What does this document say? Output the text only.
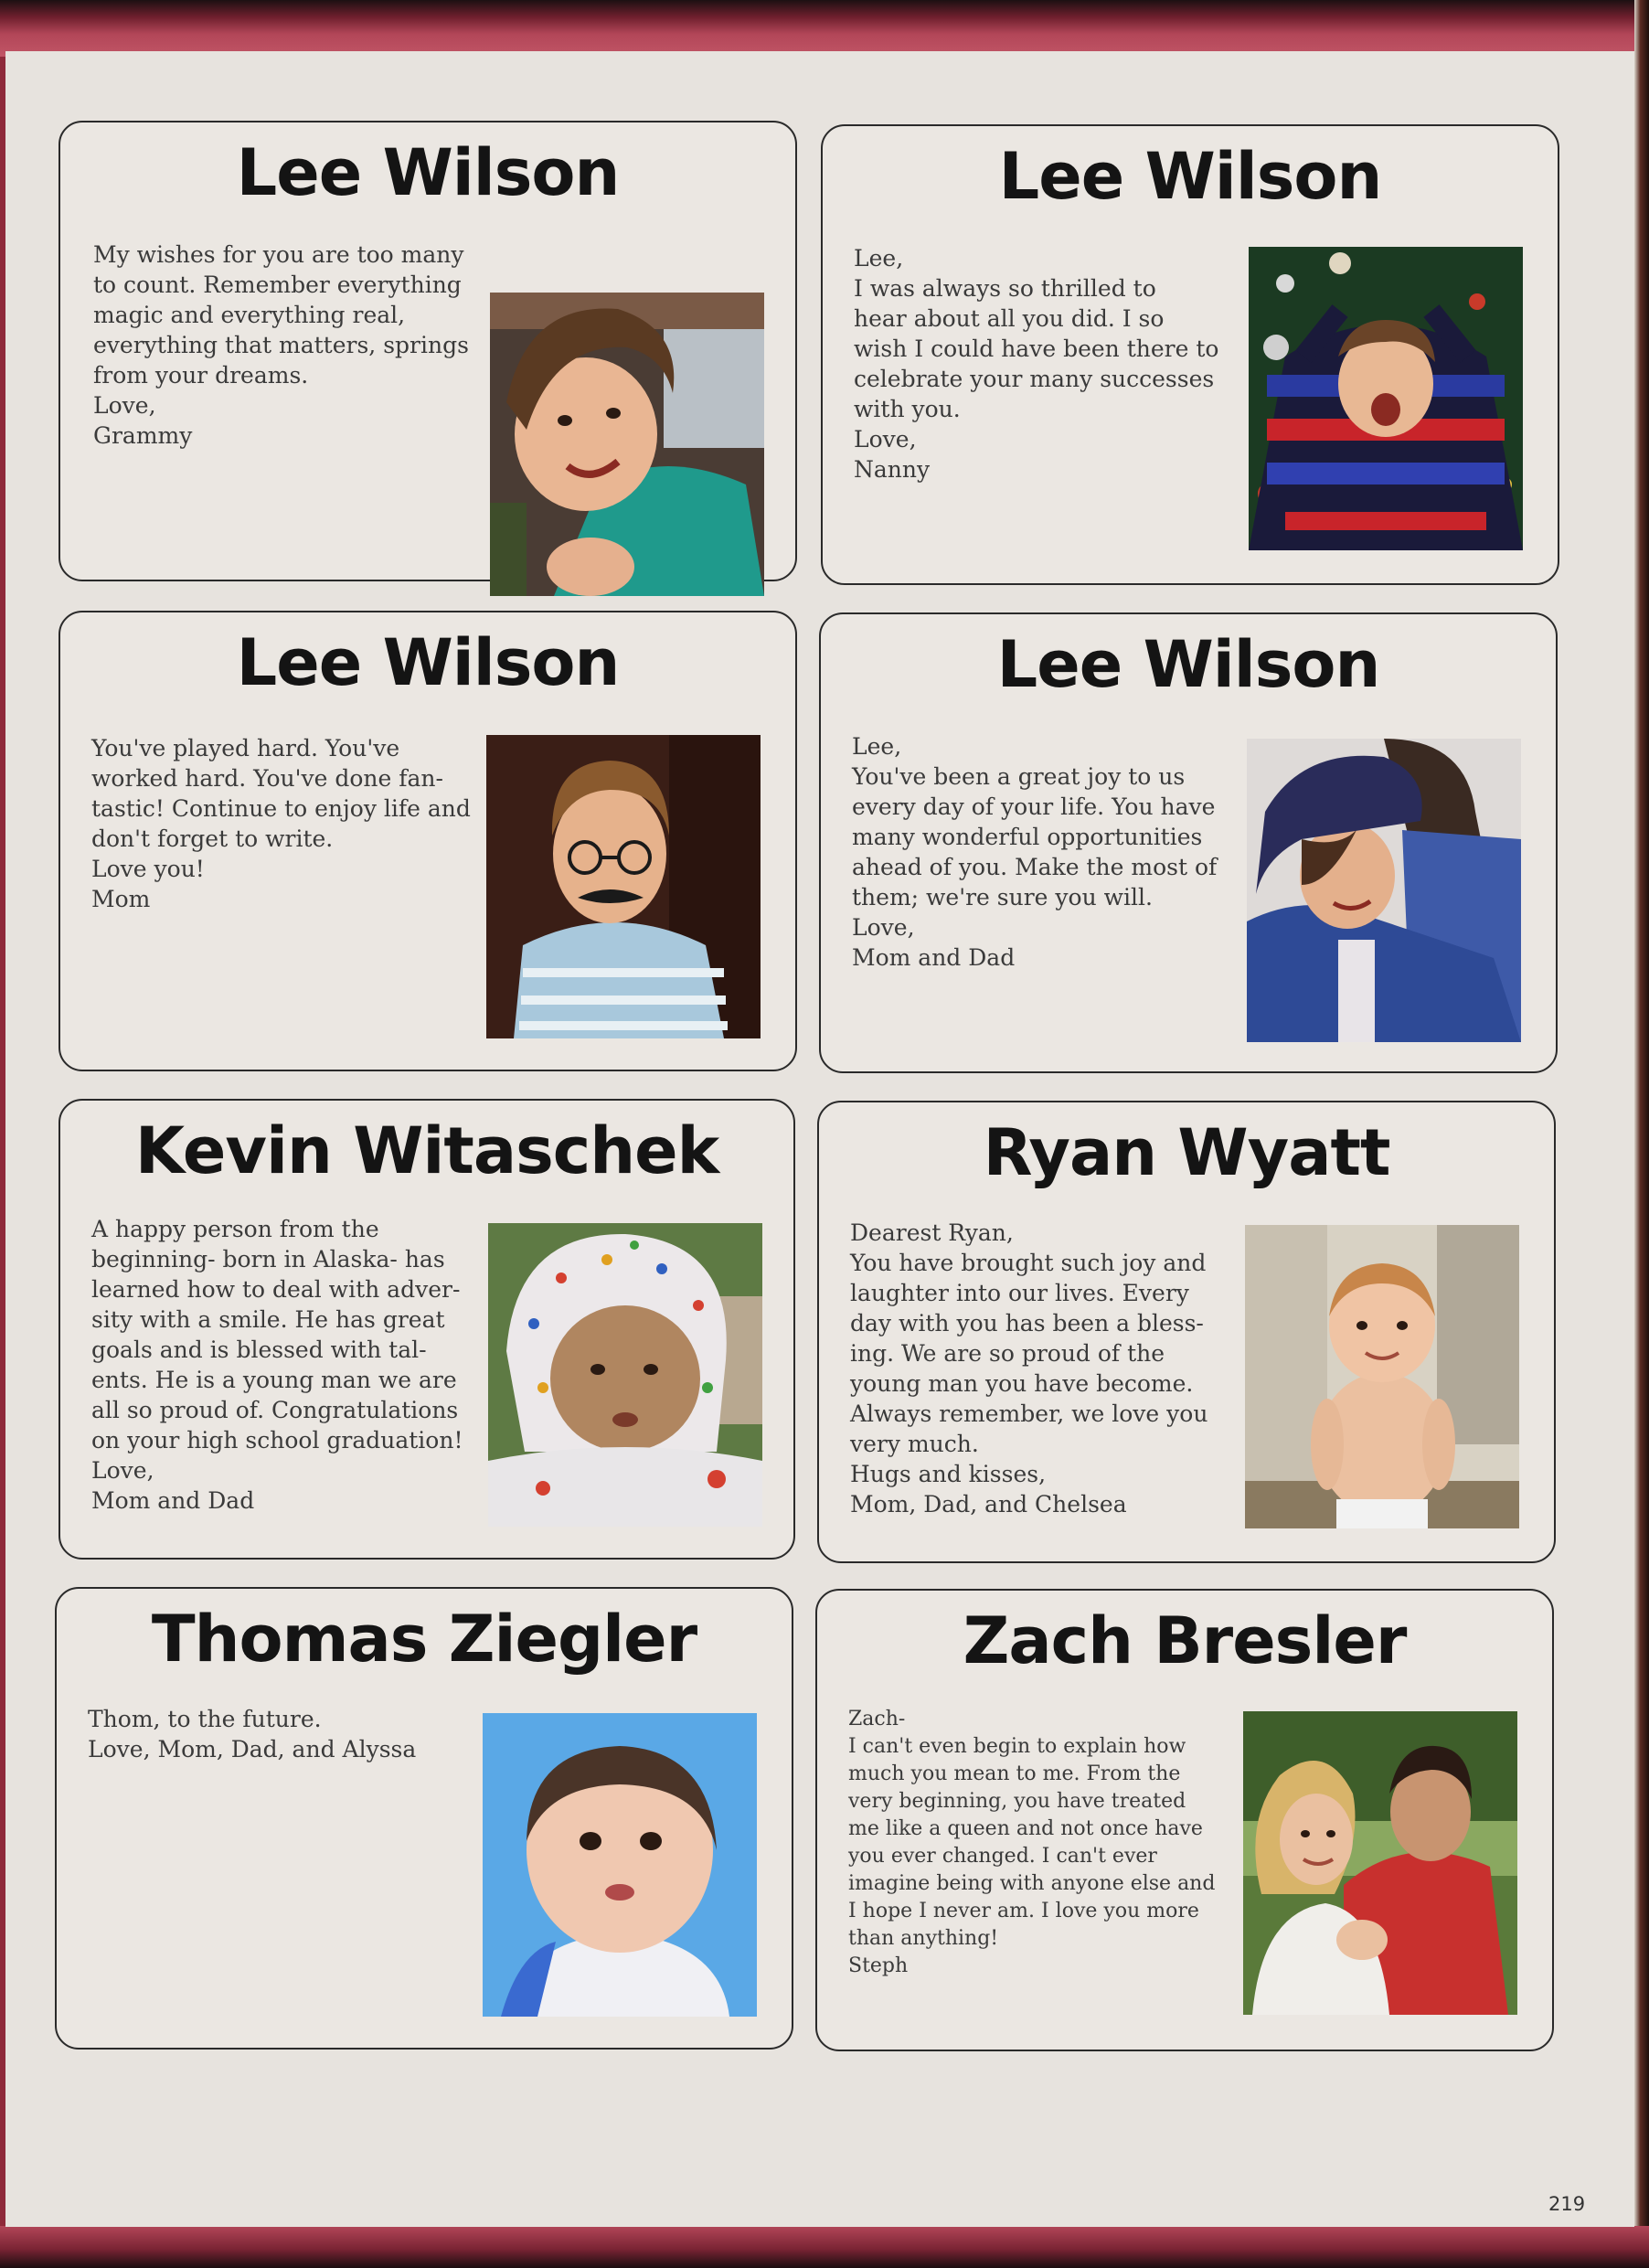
Lee Wilson

My wishes for you are too many
to count. Remember everything
magic and everything real,
everything that matters, springs
from your dreams.
Love,
Grammy

Lee Wilson

Lee,
I was always so thrilled to
hear about all you did. I so
wish I could have been there to
celebrate your many successes
with you.
Love,
Nanny

Lee Wilson

You've played hard. You've
worked hard. You've done fan-
tastic! Continue to enjoy life and
don't forget to write.
Love you!
Mom

Lee Wilson

Lee,
You've been a great joy to us
every day of your life. You have
many wonderful opportunities
ahead of you. Make the most of
them; we're sure you will.
Love,
Mom and Dad

Kevin Witaschek

A happy person from the
beginning- born in Alaska- has
learned how to deal with adver-
sity with a smile. He has great
goals and is blessed with tal-
ents. He is a young man we are
all so proud of. Congratulations
on your high school graduation!
Love,
Mom and Dad

Ryan Wyatt

Dearest Ryan,
You have brought such joy and
laughter into our lives. Every
day with you has been a bless-
ing. We are so proud of the
young man you have become.
Always remember, we love you
very much.
Hugs and kisses,
Mom, Dad, and Chelsea

Thomas Ziegler

Thom, to the future.
Love, Mom, Dad, and Alyssa

Zach Bresler

Zach-
I can't even begin to explain how
much you mean to me. From the
very beginning, you have treated
me like a queen and not once have
you ever changed. I can't ever
imagine being with anyone else and
I hope I never am. I love you more
than anything!
Steph

219
